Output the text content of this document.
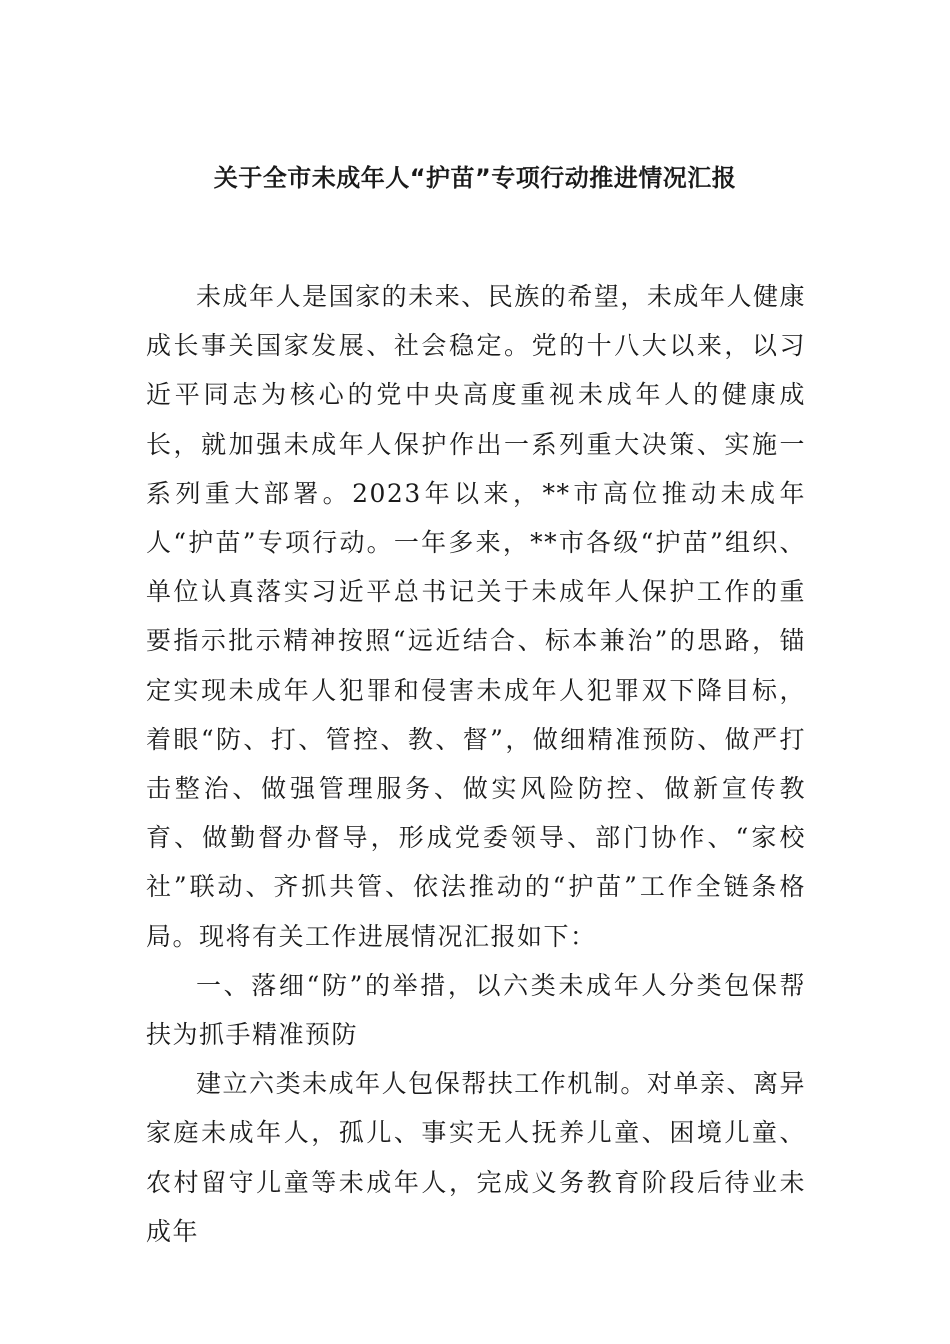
关于全市未成年人“护苗”专项行动推进情况汇报

未成年人是国家的未来、民族的希望，未成年人健康成长事关国家发展、社会稳定。党的十八大以来，以习近平同志为核心的党中央高度重视未成年人的健康成长，就加强未成年人保护作出一系列重大决策、实施一系列重大部署。2023年以来，**市高位推动未成年人“护苗”专项行动。一年多来，**市各级“护苗”组织、单位认真落实习近平总书记关于未成年人保护工作的重要指示批示精神按照“远近结合、标本兼治”的思路，锚定实现未成年人犯罪和侵害未成年人犯罪双下降目标，着眼“防、打、管控、教、督”，做细精准预防、做严打击整治、做强管理服务、做实风险防控、做新宣传教育、做勤督办督导，形成党委领导、部门协作、“家校社”联动、齐抓共管、依法推动的“护苗”工作全链条格局。现将有关工作进展情况汇报如下：

一、落细“防”的举措，以六类未成年人分类包保帮扶为抓手精准预防

建立六类未成年人包保帮扶工作机制。对单亲、离异家庭未成年人，孤儿、事实无人抚养儿童、困境儿童、农村留守儿童等未成年人，完成义务教育阶段后待业未成年
